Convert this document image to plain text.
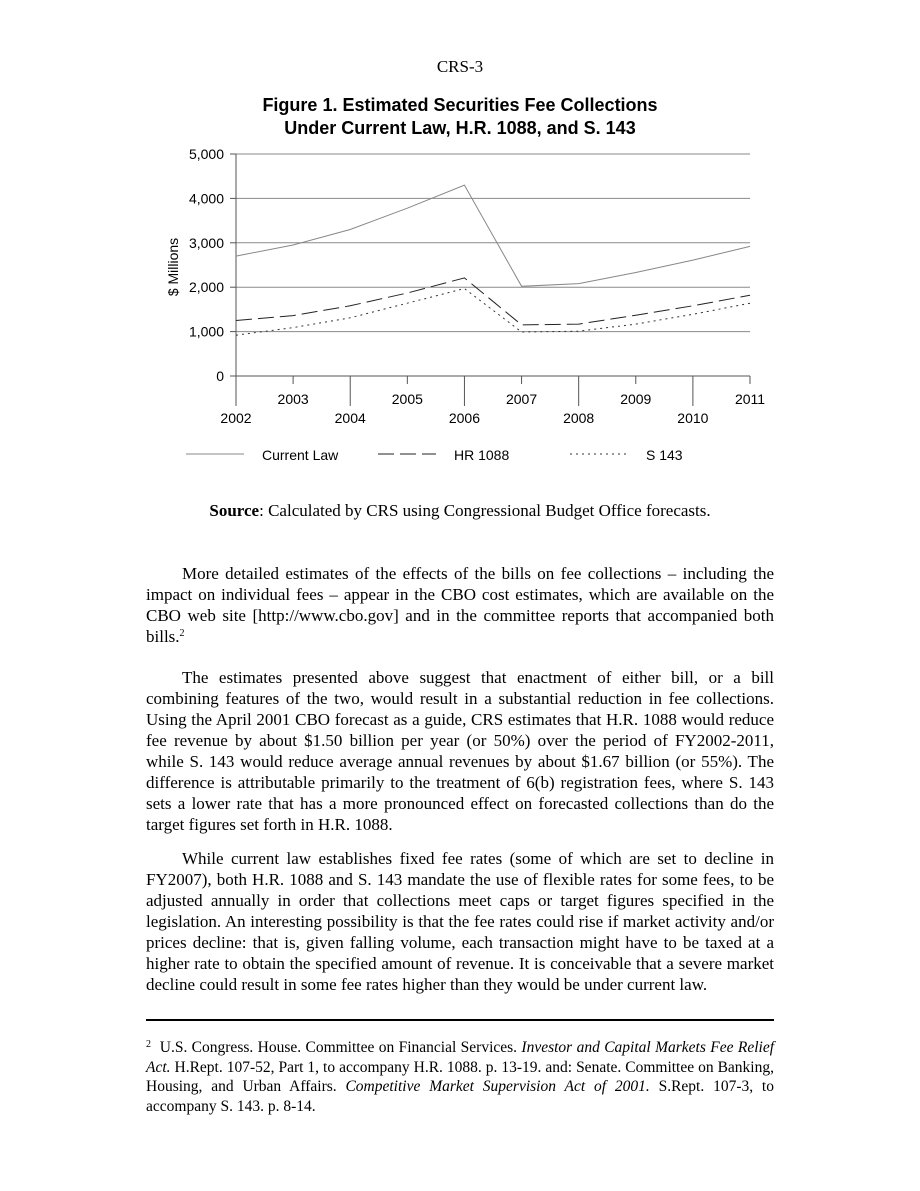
CRS-3
Figure 1. Estimated Securities Fee Collections
Under Current Law, H.R. 1088, and S. 143
5,000
4,000
3,000
2,000
1,000
0
2002
2003
2004
2005
2006
2007
2008
2009
2010
2011
$ Millions
Current Law	HR 1088	S 143
Source: Calculated by CRS using Congressional Budget Office forecasts.

More detailed estimates of the effects of the bills on fee collections – including the impact on individual fees – appear in the CBO cost estimates, which are available on the CBO web site [http://www.cbo.gov] and in the committee reports that accompanied both bills.$^2$

The estimates presented above suggest that enactment of either bill, or a bill combining features of the two, would result in a substantial reduction in fee collections. Using the April 2001 CBO forecast as a guide, CRS estimates that H.R. 1088 would reduce fee revenue by about $1.50 billion per year (or 50%) over the period of FY2002-2011, while S. 143 would reduce average annual revenues by about $1.67 billion (or 55%). The difference is attributable primarily to the treatment of 6(b) registration fees, where S. 143 sets a lower rate that has a more pronounced effect on forecasted collections than do the target figures set forth in H.R. 1088.

While current law establishes fixed fee rates (some of which are set to decline in FY2007), both H.R. 1088 and S. 143 mandate the use of flexible rates for some fees, to be adjusted annually in order that collections meet caps or target figures specified in the legislation. An interesting possibility is that the fee rates could rise if market activity and/or prices decline: that is, given falling volume, each transaction might have to be taxed at a higher rate to obtain the specified amount of revenue. It is conceivable that a severe market decline could result in some fee rates higher than they would be under current law.

$^2$ U.S. Congress. House. Committee on Financial Services. Investor and Capital Markets Fee Relief Act. H.Rept. 107-52, Part 1, to accompany H.R. 1088. p. 13-19. and: Senate. Committee on Banking, Housing, and Urban Affairs. Competitive Market Supervision Act of 2001. S.Rept. 107-3, to accompany S. 143. p. 8-14.
